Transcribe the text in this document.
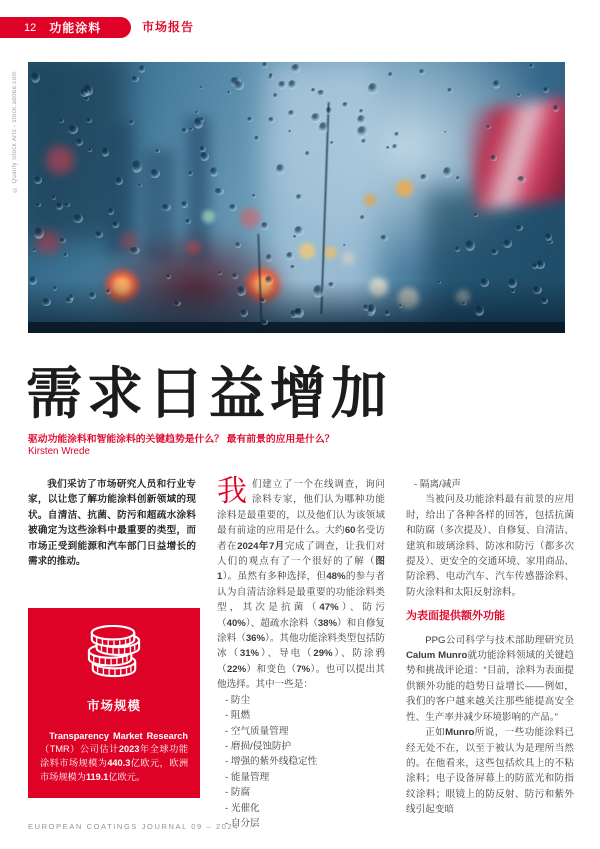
12 功能涂料	市场报告
© Quality Stock Arts - stock.adobe.com
需求日益增加

驱动功能涂料和智能涂料的关键趋势是什么？ 最有前景的应用是什么？

Kirsten Wrede

我们采访了市场研究人员和行业专家，以让您了解功能涂料创新领域的现状。自清洁、抗菌、防污和超疏水涂料被确定为这些涂料中最重要的类型，而市场正受到能源和汽车部门日益增长的需求的推动。

市场规模

Transparency Market Research（TMR）公司估计2023年全球功能涂料市场规模为440.3亿欧元，欧洲市场规模为119.1亿欧元。

我们建立了一个在线调查，询问涂料专家，他们认为哪种功能涂料是最重要的，以及他们认为该领域最有前途的应用是什么。大约60名受访者在2024年7月完成了调查，让我们对人们的观点有了一个很好的了解（图1）。虽然有多种选择，但48%的参与者认为自清洁涂料是最重要的功能涂料类型，其次是抗菌（47%）、防污（40%）、超疏水涂料（38%）和自修复涂料（36%）。其他功能涂料类型包括防冰（31%）、导电（29%）、防涂鸦（22%）和变色（7%）。也可以提出其他选择。其中一些是：

- 防尘
- 阻燃
- 空气质量管理
- 磨损/侵蚀防护
- 增强的紫外线稳定性
- 能量管理
- 防腐
- 光催化
- 自分层
- 隔离/减声

当被问及功能涂料最有前景的应用时，给出了各种各样的回答，包括抗菌和防腐（多次提及）、自修复、自清洁、建筑和玻璃涂料、防冰和防污（都多次提及）、更安全的交通环境、家用商品、防涂鸦、电动汽车、汽车传感器涂料、防火涂料和太阳反射涂料。

为表面提供额外功能

PPG公司科学与技术部助理研究员Calum Munro就功能涂料领域的关键趋势和挑战评论道：“目前，涂料为表面提供额外功能的趋势日益增长——例如，我们的客户越来越关注那些能提高安全性、生产率并减少环境影响的产品。”

正如Munro所说，一些功能涂料已经无处不在，以至于被认为是理所当然的。在他看来，这些包括炊具上的不粘涂料；电子设备屏幕上的防蓝光和防指纹涂料；眼镜上的防反射、防污和紫外线引起变暗

EUROPEAN COATINGS JOURNAL 09 – 2024
